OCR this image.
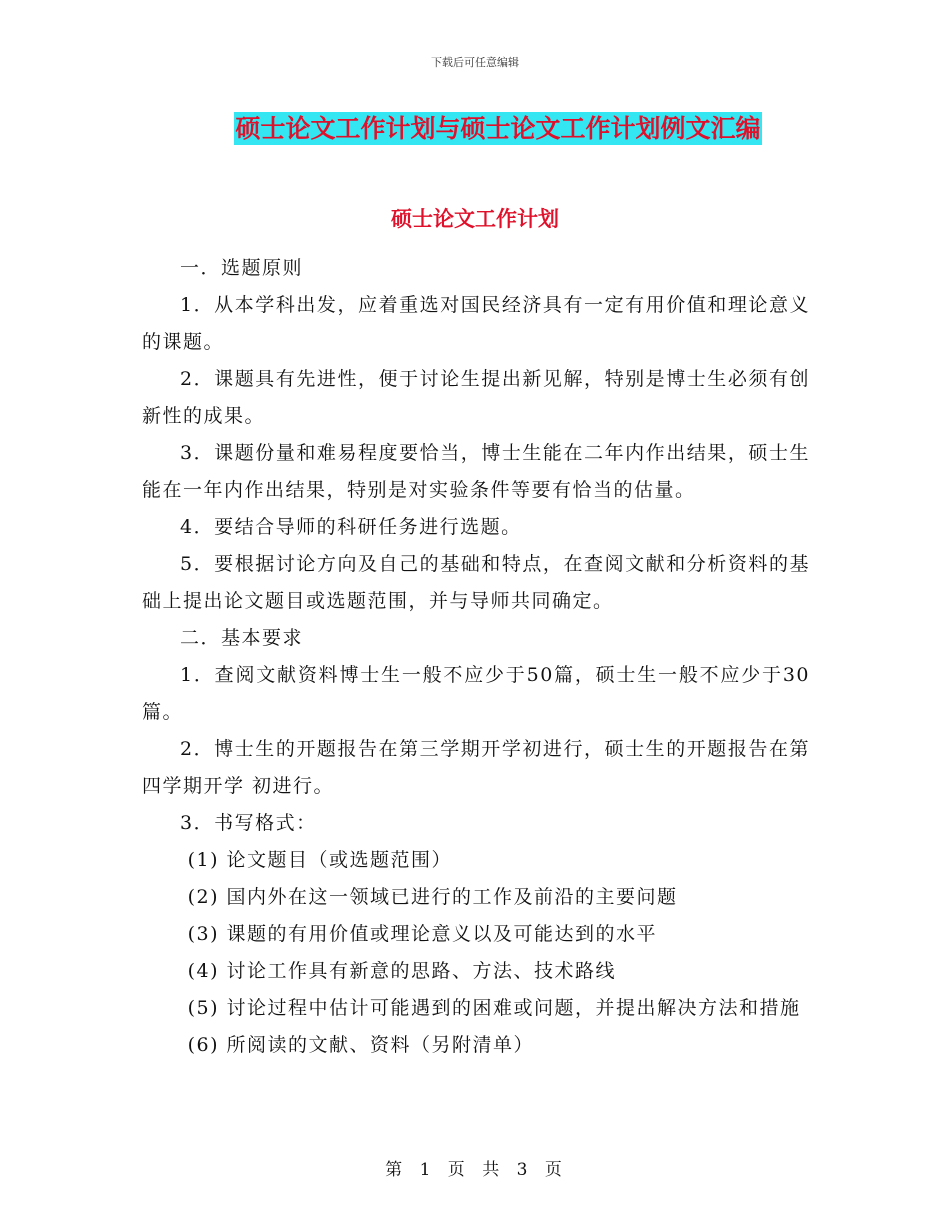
下载后可任意编辑
硕士论文工作计划与硕士论文工作计划例文汇编
硕士论文工作计划

一．选题原则

1．从本学科出发，应着重选对国民经济具有一定有用价值和理论意义的课题。

2．课题具有先进性，便于讨论生提出新见解，特别是博士生必须有创新性的成果。

3．课题份量和难易程度要恰当，博士生能在二年内作出结果，硕士生能在一年内作出结果，特别是对实验条件等要有恰当的估量。

4．要结合导师的科研任务进行选题。

5．要根据讨论方向及自己的基础和特点，在查阅文献和分析资料的基础上提出论文题目或选题范围，并与导师共同确定。

二．基本要求

1．查阅文献资料博士生一般不应少于50篇，硕士生一般不应少于30篇。

2．博士生的开题报告在第三学期开学初进行，硕士生的开题报告在第四学期开学 初进行。

3．书写格式：

(1) 论文题目（或选题范围）

(2) 国内外在这一领域已进行的工作及前沿的主要问题

(3) 课题的有用价值或理论意义以及可能达到的水平

(4) 讨论工作具有新意的思路、方法、技术路线

(5) 讨论过程中估计可能遇到的困难或问题，并提出解决方法和措施

(6) 所阅读的文献、资料（另附清单）

第 1 页 共 3 页
